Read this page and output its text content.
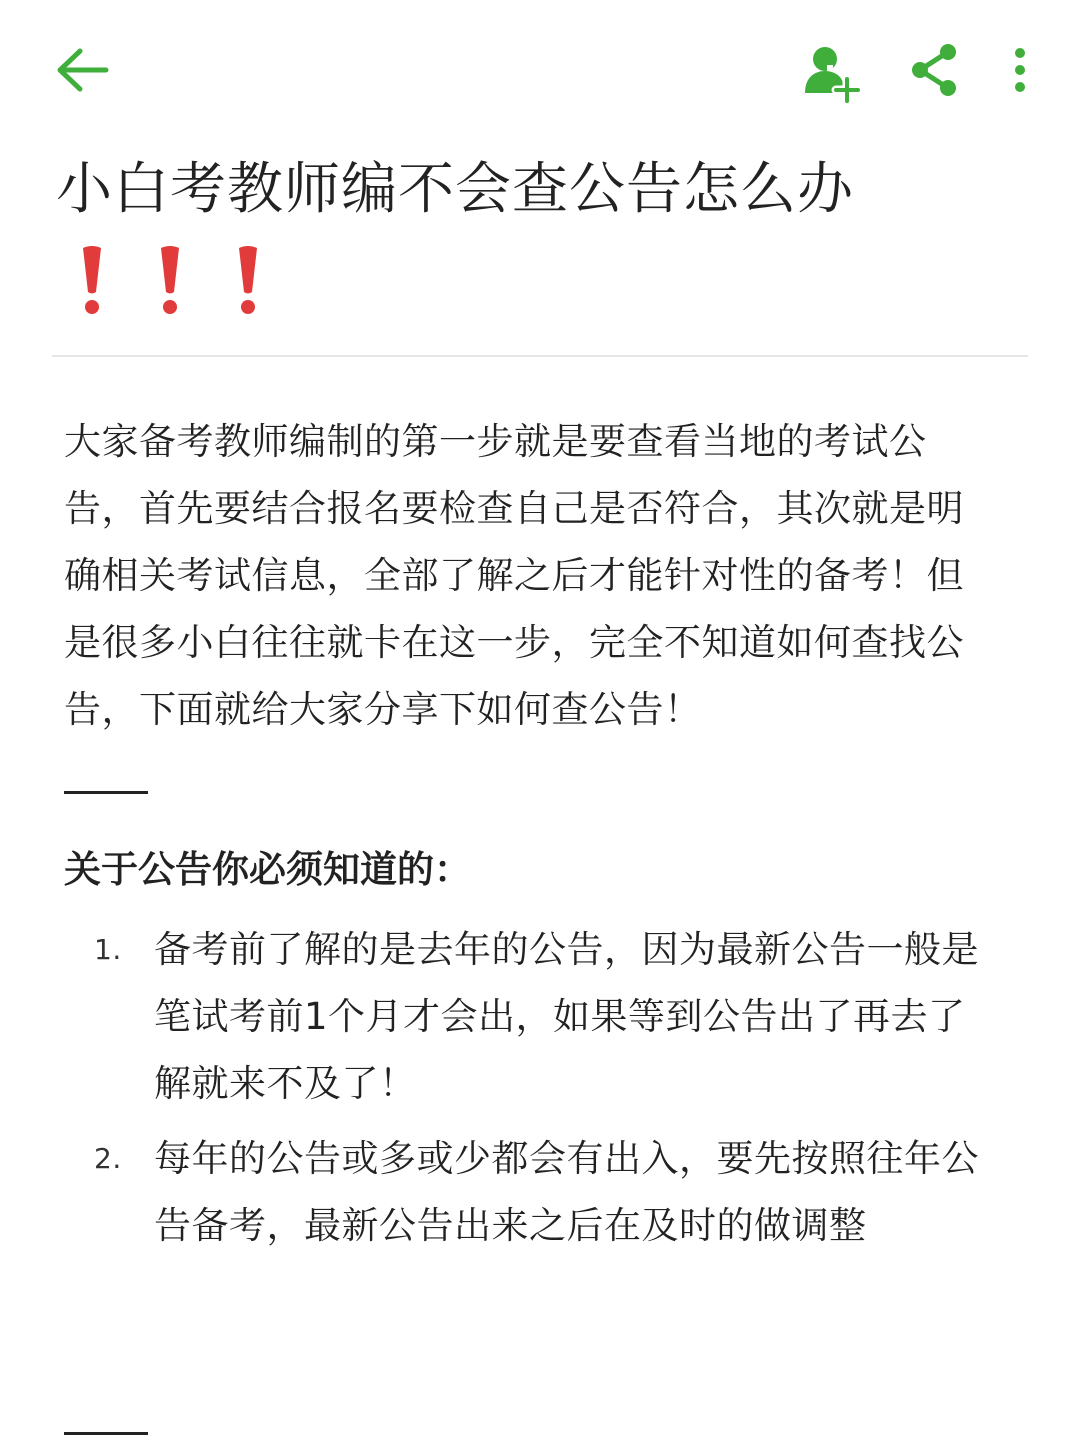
小白考教师编不会查公告怎么办

大家备考教师编制的第一步就是要查看当地的考试公告，首先要结合报名要检查自己是否符合，其次就是明确相关考试信息，全部了解之后才能针对性的备考！但是很多小白往往就卡在这一步，完全不知道如何查找公告，下面就给大家分享下如何查公告！

关于公告你必须知道的：

1. 备考前了解的是去年的公告，因为最新公告一般是笔试考前1个月才会出，如果等到公告出了再去了解就来不及了！
2. 每年的公告或多或少都会有出入，要先按照往年公告备考，最新公告出来之后在及时的做调整
